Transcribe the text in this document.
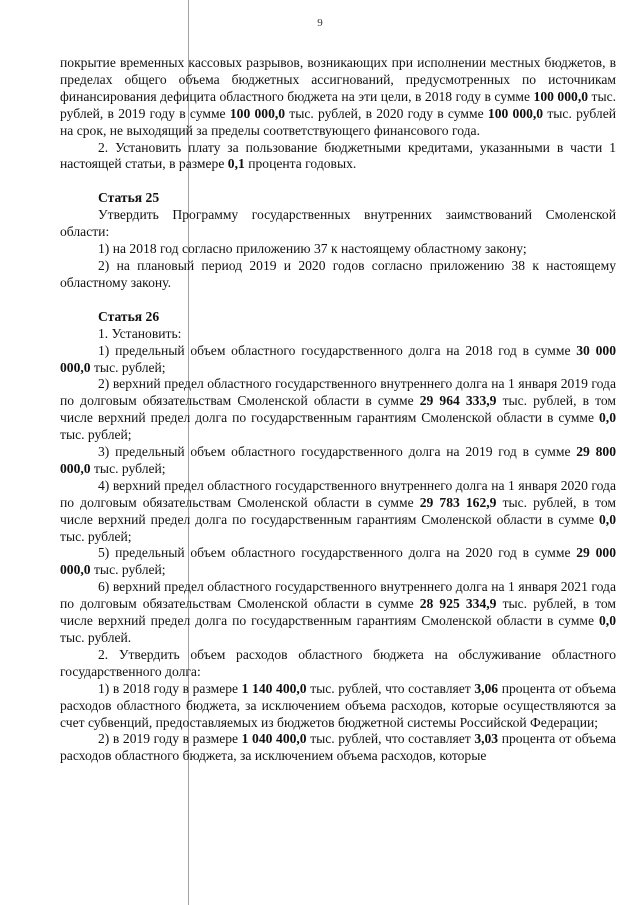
9

покрытие временных кассовых разрывов, возникающих при исполнении местных бюджетов, в пределах общего объема бюджетных ассигнований, предусмотренных по источникам финансирования дефицита областного бюджета на эти цели, в 2018 году в сумме 100 000,0 тыс. рублей, в 2019 году в сумме 100 000,0 тыс. рублей, в 2020 году в сумме 100 000,0 тыс. рублей на срок, не выходящий за пределы соответствующего финансового года.

2. Установить плату за пользование бюджетными кредитами, указанными в части 1 настоящей статьи, в размере 0,1 процента годовых.

Статья 25

Утвердить Программу государственных внутренних заимствований Смоленской области:

1) на 2018 год согласно приложению 37 к настоящему областному закону;

2) на плановый период 2019 и 2020 годов согласно приложению 38 к настоящему областному закону.

Статья 26

1. Установить:

1) предельный объем областного государственного долга на 2018 год в сумме 30 000 000,0 тыс. рублей;

2) верхний предел областного государственного внутреннего долга на 1 января 2019 года по долговым обязательствам Смоленской области в сумме 29 964 333,9 тыс. рублей, в том числе верхний предел долга по государственным гарантиям Смоленской области в сумме 0,0 тыс. рублей;

3) предельный объем областного государственного долга на 2019 год в сумме 29 800 000,0 тыс. рублей;

4) верхний предел областного государственного внутреннего долга на 1 января 2020 года по долговым обязательствам Смоленской области в сумме 29 783 162,9 тыс. рублей, в том числе верхний предел долга по государственным гарантиям Смоленской области в сумме 0,0 тыс. рублей;

5) предельный объем областного государственного долга на 2020 год в сумме 29 000 000,0 тыс. рублей;

6) верхний предел областного государственного внутреннего долга на 1 января 2021 года по долговым обязательствам Смоленской области в сумме 28 925 334,9 тыс. рублей, в том числе верхний предел долга по государственным гарантиям Смоленской области в сумме 0,0 тыс. рублей.

2. Утвердить объем расходов областного бюджета на обслуживание областного государственного долга:

1) в 2018 году в размере 1 140 400,0 тыс. рублей, что составляет 3,06 процента от объема расходов областного бюджета, за исключением объема расходов, которые осуществляются за счет субвенций, предоставляемых из бюджетов бюджетной системы Российской Федерации;

2) в 2019 году в размере 1 040 400,0 тыс. рублей, что составляет 3,03 процента от объема расходов областного бюджета, за исключением объема расходов, которые
